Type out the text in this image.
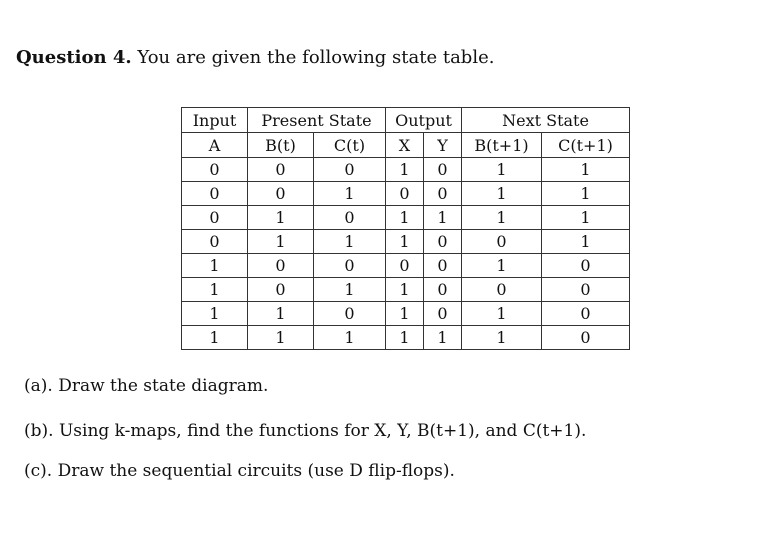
Question 4. You are given the following state table.
Input	Present State		Output		Next State	
A	B(t)	C(t)	X	Y	B(t+1)	C(t+1)
0	0	0	1	0	1	1
0	0	1	0	0	1	1
0	1	0	1	1	1	1
0	1	1	1	0	0	1
1	0	0	0	0	1	0
1	0	1	1	0	0	0
1	1	0	1	0	1	0
1	1	1	1	1	1	0
(a). Draw the state diagram.
(b). Using k-maps, find the functions for X, Y, B(t+1), and C(t+1).
(c). Draw the sequential circuits (use D flip-flops).
